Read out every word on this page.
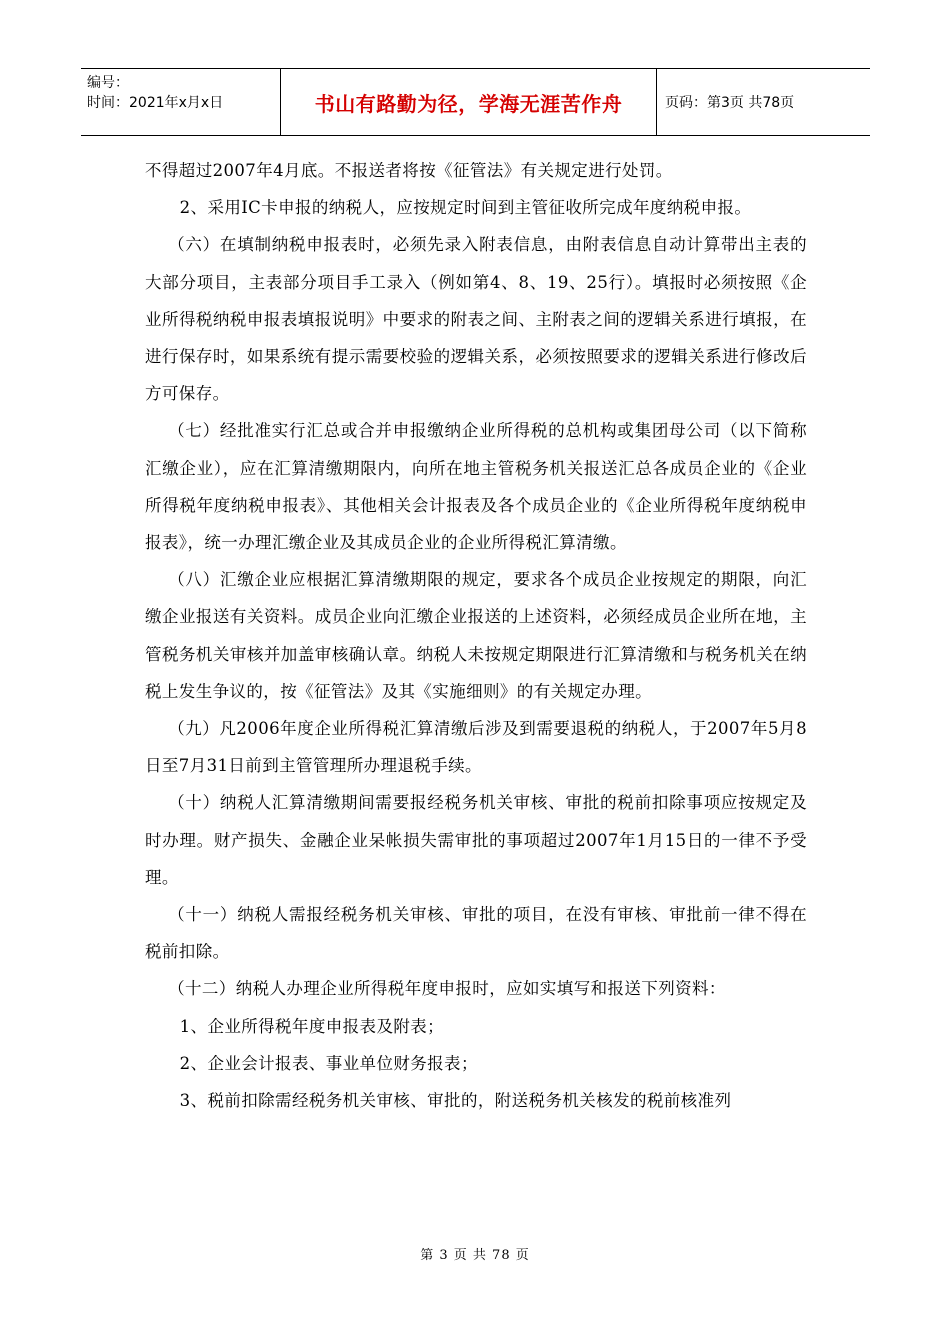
编号：
时间：2021年x月x日	书山有路勤为径，学海无涯苦作舟	页码：第3页 共78页

不得超过2007年4月底。不报送者将按《征管法》有关规定进行处罚。

2、采用IC卡申报的纳税人，应按规定时间到主管征收所完成年度纳税申报。

（六）在填制纳税申报表时，必须先录入附表信息，由附表信息自动计算带出主表的大部分项目，主表部分项目手工录入（例如第4、8、19、25行）。填报时必须按照《企业所得税纳税申报表填报说明》中要求的附表之间、主附表之间的逻辑关系进行填报，在进行保存时，如果系统有提示需要校验的逻辑关系，必须按照要求的逻辑关系进行修改后方可保存。

（七）经批准实行汇总或合并申报缴纳企业所得税的总机构或集团母公司（以下简称汇缴企业），应在汇算清缴期限内，向所在地主管税务机关报送汇总各成员企业的《企业所得税年度纳税申报表》、其他相关会计报表及各个成员企业的《企业所得税年度纳税申报表》，统一办理汇缴企业及其成员企业的企业所得税汇算清缴。

（八）汇缴企业应根据汇算清缴期限的规定，要求各个成员企业按规定的期限，向汇缴企业报送有关资料。成员企业向汇缴企业报送的上述资料，必须经成员企业所在地，主管税务机关审核并加盖审核确认章。纳税人未按规定期限进行汇算清缴和与税务机关在纳税上发生争议的，按《征管法》及其《实施细则》的有关规定办理。

（九）凡2006年度企业所得税汇算清缴后涉及到需要退税的纳税人，于2007年5月8日至7月31日前到主管管理所办理退税手续。

（十）纳税人汇算清缴期间需要报经税务机关审核、审批的税前扣除事项应按规定及时办理。财产损失、金融企业呆帐损失需审批的事项超过2007年1月15日的一律不予受理。

（十一）纳税人需报经税务机关审核、审批的项目，在没有审核、审批前一律不得在税前扣除。

（十二）纳税人办理企业所得税年度申报时，应如实填写和报送下列资料：

1、企业所得税年度申报表及附表；

2、企业会计报表、事业单位财务报表；

3、税前扣除需经税务机关审核、审批的，附送税务机关核发的税前核准列

第 3 页 共 78 页
